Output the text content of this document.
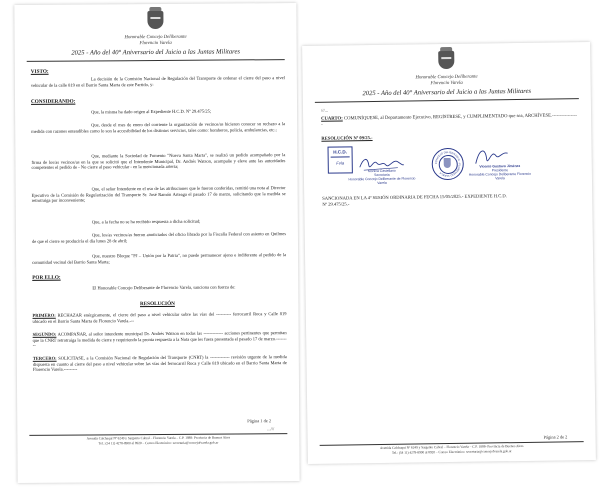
Honorable Concejo Deliberante
Florencio Varela
2025 - Año del 40° Aniversario del Juicio a las Juntas Militares
VISTO:
La decisión de la Comisión Nacional de Regulación del Transporte de ordenar el cierre del paso a nivel vehicular de la calle 819 en el Barrio Santa Marta de este Partido, y:
CONSIDERANDO:
Que, la misma ha dado origen al Expediente H.C.D. Nº 29.475/25;
Que, desde el mes de enero del corriente la organización de vecinos/as hicieron conocer su rechazo a la medida con razones entendibles como lo son la accesibilidad de los distintos servicios, tales como: bomberos, policía, ambulancias, etc.;
Que, mediante la Sociedad de Fomento "Nueva Santa Marta", se realizó un pedido acompañado por la firma de los/as vecinos/as en la que se solicitó que el Intendente Municipal, Dr. Andrés Watson, acompañe y eleve ante las autoridades competentes el pedido de - No cierre al paso vehicular - en la mencionada arteria;
Que, el señor Intendente en el uso de las atribuciones que le fueron conferidas, remitió una nota al Director Ejecutivo de la Comisión de Regularización del Transporte Sr. José Ramón Arteaga el pasado 17 de marzo, solicitando que la medida se retrotraiga por inconveniente;
Que, a la fecha no se ha recibido respuesta a dicha solicitud;
Que, los/as vecinos/as fueron anoticiados del oficio librado por la Fiscalía Federal con asiento en Quilmes de que el cierre se produciría el día lunes 28 de abril;
Que, nuestro Bloque "PJ – Unión por la Patria", no puede permanecer ajeno e indiferente al pedido de la comunidad vecinal del Barrio Santa Marta;
POR ELLO:
El Honorable Concejo Deliberante de Florencio Varela, sanciona con fuerza de:
RESOLUCIÓN
PRIMERO: RECHAZAR enérgicamente, el cierre del paso a nivel vehicular sobre las vías del ---------- ferrocarril Roca y Calle 819 ubicado en el Barrio Santa Marta de Florencio Varela.---
SEGUNDO: ACOMPAÑAR, al señor intendente municipal Dr. Andrés Watson en todas las ------------- acciones pertinentes que permitan que la CNRT retrotraiga la medida de cierre y requiriendo la pronta respuesta a la Nota que les fuera presentada el pasado 17 de marzo.---------
TERCERO: SOLICITASE, a la Comisión Nacional de Regulación del Transporte (CNRT) la ------------- revisión urgente de la medida dispuesta en cuanto al cierre del paso a nivel vehicular sobre las vías del ferrocarril Roca y Calle 819 ubicado en el Barrio Santa Marta de Florencio Varela.---------
Página 1 de 2
...///
Avenida Calchaquí Nº 6249 y Sargento Cabral – Florencio Varela – C.P. 1888- Provincia de Buenos Aires
Tel.: (54 11) 4278-8900 al 8920 – Correo Electrónico: secretaria@concejofvarela.gob.ar
Honorable Concejo Deliberante
Florencio Varela
2025 - Año del 40° Aniversario del Juicio a las Juntas Militares
///...
CUARTO: COMUNÍQUESE, al Departamento Ejecutivo, REGÍSTRESE, y CUMPLIMENTADO que sea, ARCHÍVESE.-----------------
RESOLUCIÓN Nº 09/25.-
H.C.D.
Fvla
Mónica Castellano
Secretaria
Honorable Concejo Deliberante de Florencio Varela
CONCEJO DELIBERANTE - FLORENCIO VARELA
Vicente Gustavo Jiménez
Presidente
Honorable Concejo Deliberante Florencio Varela
SANCIONADA EN LA 4º SESIÓN ORDINARIA DE FECHA 15/05/2025.- EXPEDIENTE H.C.D. Nº 29.475/25.-
Página 2 de 2
Avenida Calchaquí Nº 6249 y Sargento Cabral – Florencio Varela – C.P. 1888- Provincia de Buenos Aires
Tel.: (54 11) 4278-8900 al 8920 – Correo Electrónico: secretaria@concejofvarela.gob.ar
